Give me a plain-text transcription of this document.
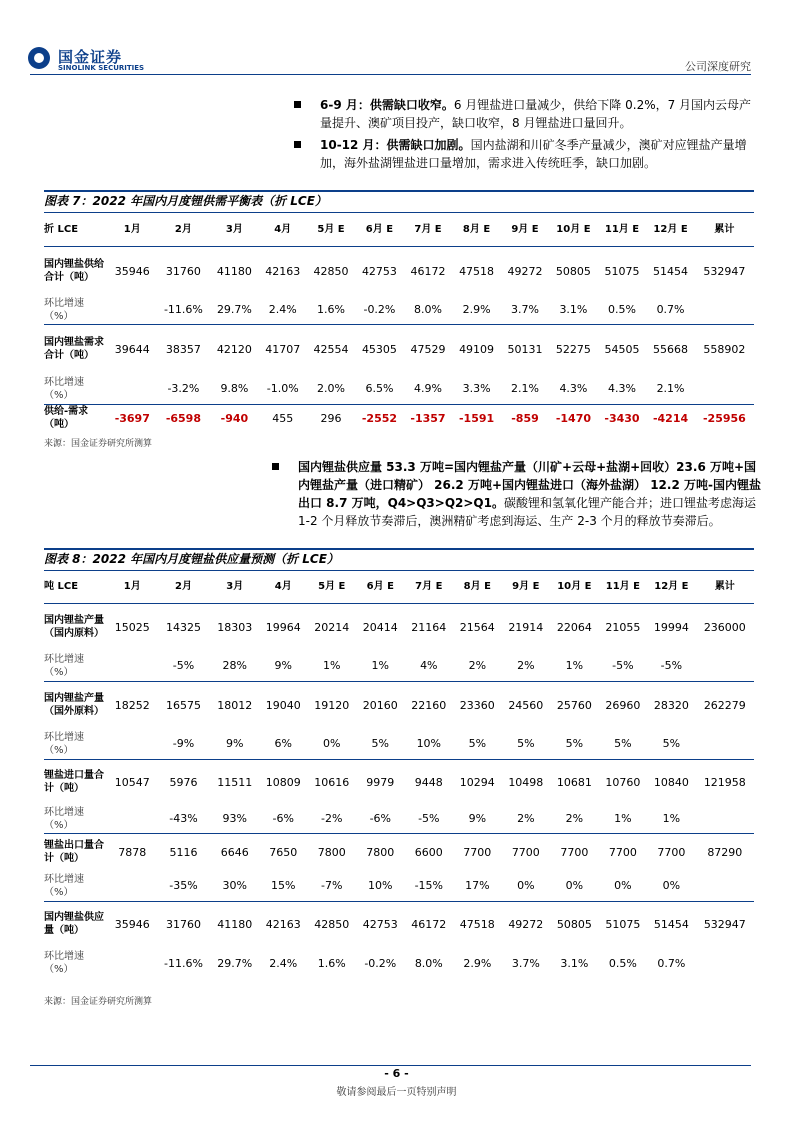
国金证券
SINOLINK SECURITIES	公司深度研究
6-9 月：供需缺口收窄。6 月锂盐进口量减少，供给下降 0.2%，7 月国内云母产量提升、澳矿项目投产，缺口收窄，8 月锂盐进口量回升。
10-12 月：供需缺口加剧。国内盐湖和川矿冬季产量减少，澳矿对应锂盐产量增加，海外盐湖锂盐进口量增加，需求进入传统旺季，缺口加剧。
图表 7：2022 年国内月度锂供需平衡表（折 LCE）
折 LCE	1月	2月	3月	4月	5月 E	6月 E	7月 E	8月 E	9月 E	10月 E	11月 E	12月 E	累计
国内锂盐供给合计（吨）	35946	31760	41180	42163	42850	42753	46172	47518	49272	50805	51075	51454	532947
环比增速（%）		-11.6%	29.7%	2.4%	1.6%	-0.2%	8.0%	2.9%	3.7%	3.1%	0.5%	0.7%	
国内锂盐需求合计（吨）	39644	38357	42120	41707	42554	45305	47529	49109	50131	52275	54505	55668	558902
环比增速（%）		-3.2%	9.8%	-1.0%	2.0%	6.5%	4.9%	3.3%	2.1%	4.3%	4.3%	2.1%	
供给-需求（吨）	-3697	-6598	-940	455	296	-2552	-1357	-1591	-859	-1470	-3430	-4214	-25956
来源：国金证券研究所测算
国内锂盐供应量 53.3 万吨=国内锂盐产量（川矿+云母+盐湖+回收）23.6 万吨+国内锂盐产量（进口精矿） 26.2 万吨+国内锂盐进口（海外盐湖） 12.2 万吨-国内锂盐出口 8.7 万吨，Q4>Q3>Q2>Q1。碳酸锂和氢氧化锂产能合并；进口锂盐考虑海运 1-2 个月释放节奏滞后，澳洲精矿考虑到海运、生产 2-3 个月的释放节奏滞后。
图表 8：2022 年国内月度锂盐供应量预测（折 LCE）
吨 LCE	1月	2月	3月	4月	5月 E	6月 E	7月 E	8月 E	9月 E	10月 E	11月 E	12月 E	累计
国内锂盐产量（国内原料）	15025	14325	18303	19964	20214	20414	21164	21564	21914	22064	21055	19994	236000
环比增速（%）		-5%	28%	9%	1%	1%	4%	2%	2%	1%	-5%	-5%	
国内锂盐产量（国外原料）	18252	16575	18012	19040	19120	20160	22160	23360	24560	25760	26960	28320	262279
环比增速（%）		-9%	9%	6%	0%	5%	10%	5%	5%	5%	5%	5%	
锂盐进口量合计（吨）	10547	5976	11511	10809	10616	9979	9448	10294	10498	10681	10760	10840	121958
环比增速（%）		-43%	93%	-6%	-2%	-6%	-5%	9%	2%	2%	1%	1%	
锂盐出口量合计（吨）	7878	5116	6646	7650	7800	7800	6600	7700	7700	7700	7700	7700	87290
环比增速（%）		-35%	30%	15%	-7%	10%	-15%	17%	0%	0%	0%	0%	
国内锂盐供应量（吨）	35946	31760	41180	42163	42850	42753	46172	47518	49272	50805	51075	51454	532947
环比增速（%）		-11.6%	29.7%	2.4%	1.6%	-0.2%	8.0%	2.9%	3.7%	3.1%	0.5%	0.7%	
来源：国金证券研究所测算
- 6 -
敬请参阅最后一页特别声明
